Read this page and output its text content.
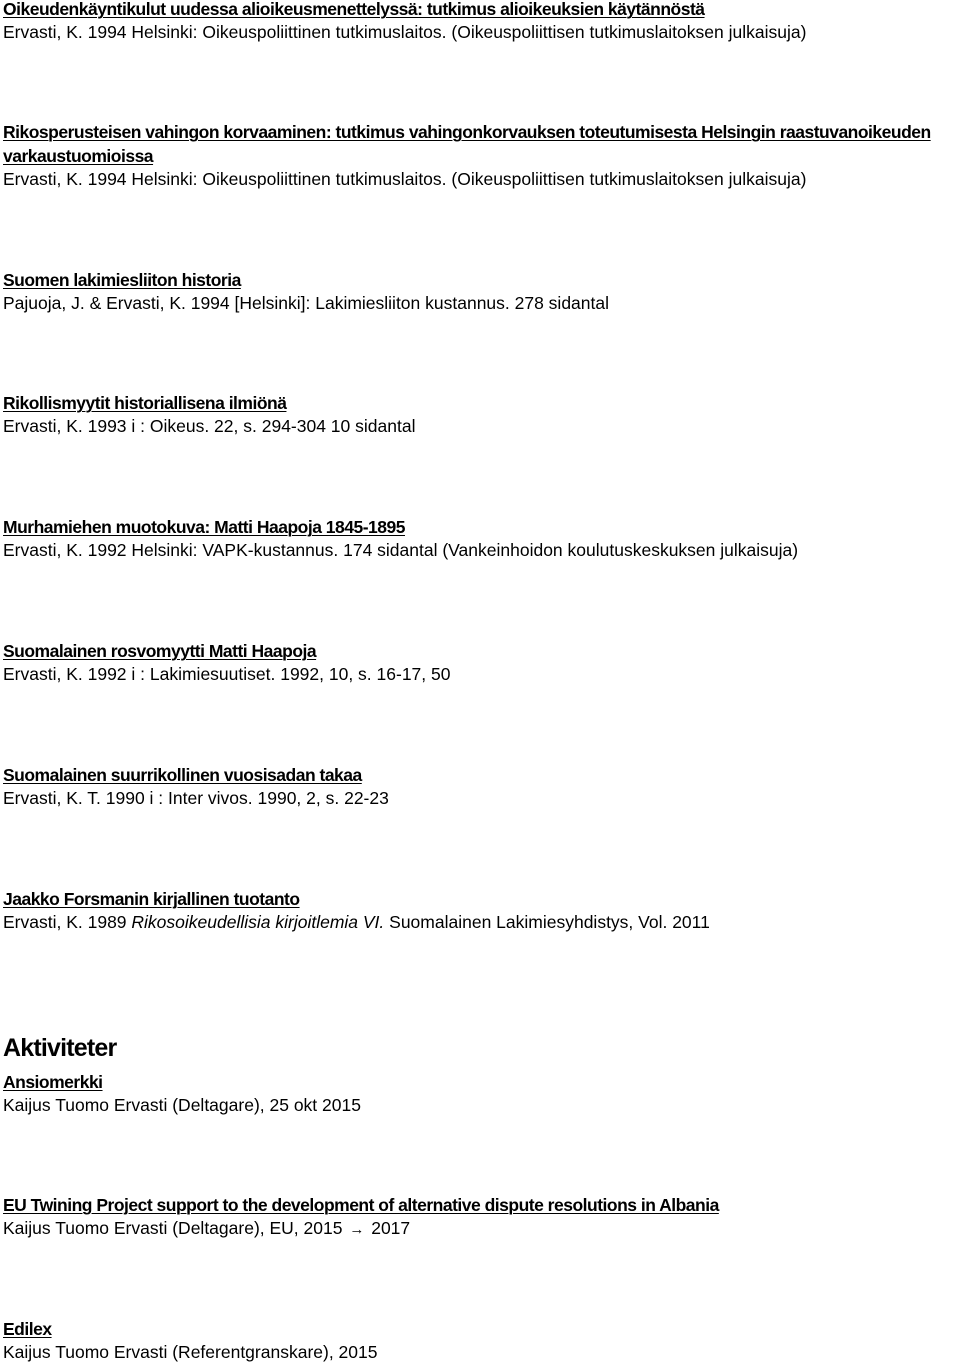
Oikeudenkäyntikulut uudessa alioikeusmenettelyssä: tutkimus alioikeuksien käytännöstä
Ervasti, K. 1994 Helsinki: Oikeuspoliittinen tutkimuslaitos. (Oikeuspoliittisen tutkimuslaitoksen julkaisuja)
Rikosperusteisen vahingon korvaaminen: tutkimus vahingonkorvauksen toteutumisesta Helsingin raastuvanoikeuden varkaustuomioissa
Ervasti, K. 1994 Helsinki: Oikeuspoliittinen tutkimuslaitos. (Oikeuspoliittisen tutkimuslaitoksen julkaisuja)
Suomen lakimiesliiton historia
Pajuoja, J. & Ervasti, K. 1994 [Helsinki]: Lakimiesliiton kustannus. 278 sidantal
Rikollismyytit historiallisena ilmiönä
Ervasti, K. 1993 i : Oikeus. 22, s. 294-304 10 sidantal
Murhamiehen muotokuva: Matti Haapoja 1845-1895
Ervasti, K. 1992 Helsinki: VAPK-kustannus. 174 sidantal (Vankeinhoidon koulutuskeskuksen julkaisuja)
Suomalainen rosvomyytti Matti Haapoja
Ervasti, K. 1992 i : Lakimiesuutiset. 1992, 10, s. 16-17, 50
Suomalainen suurrikollinen vuosisadan takaa
Ervasti, K. T. 1990 i : Inter vivos. 1990, 2, s. 22-23
Jaakko Forsmanin kirjallinen tuotanto
Ervasti, K. 1989 Rikosoikeudellisia kirjoitlemia VI. Suomalainen Lakimiesyhdistys, Vol. 2011
Aktiviteter
Ansiomerkki
Kaijus Tuomo Ervasti (Deltagare), 25 okt 2015
EU Twining Project support to the development of alternative dispute resolutions in Albania
Kaijus Tuomo Ervasti (Deltagare), EU, 2015 → 2017
Edilex
Kaijus Tuomo Ervasti (Referentgranskare), 2015
